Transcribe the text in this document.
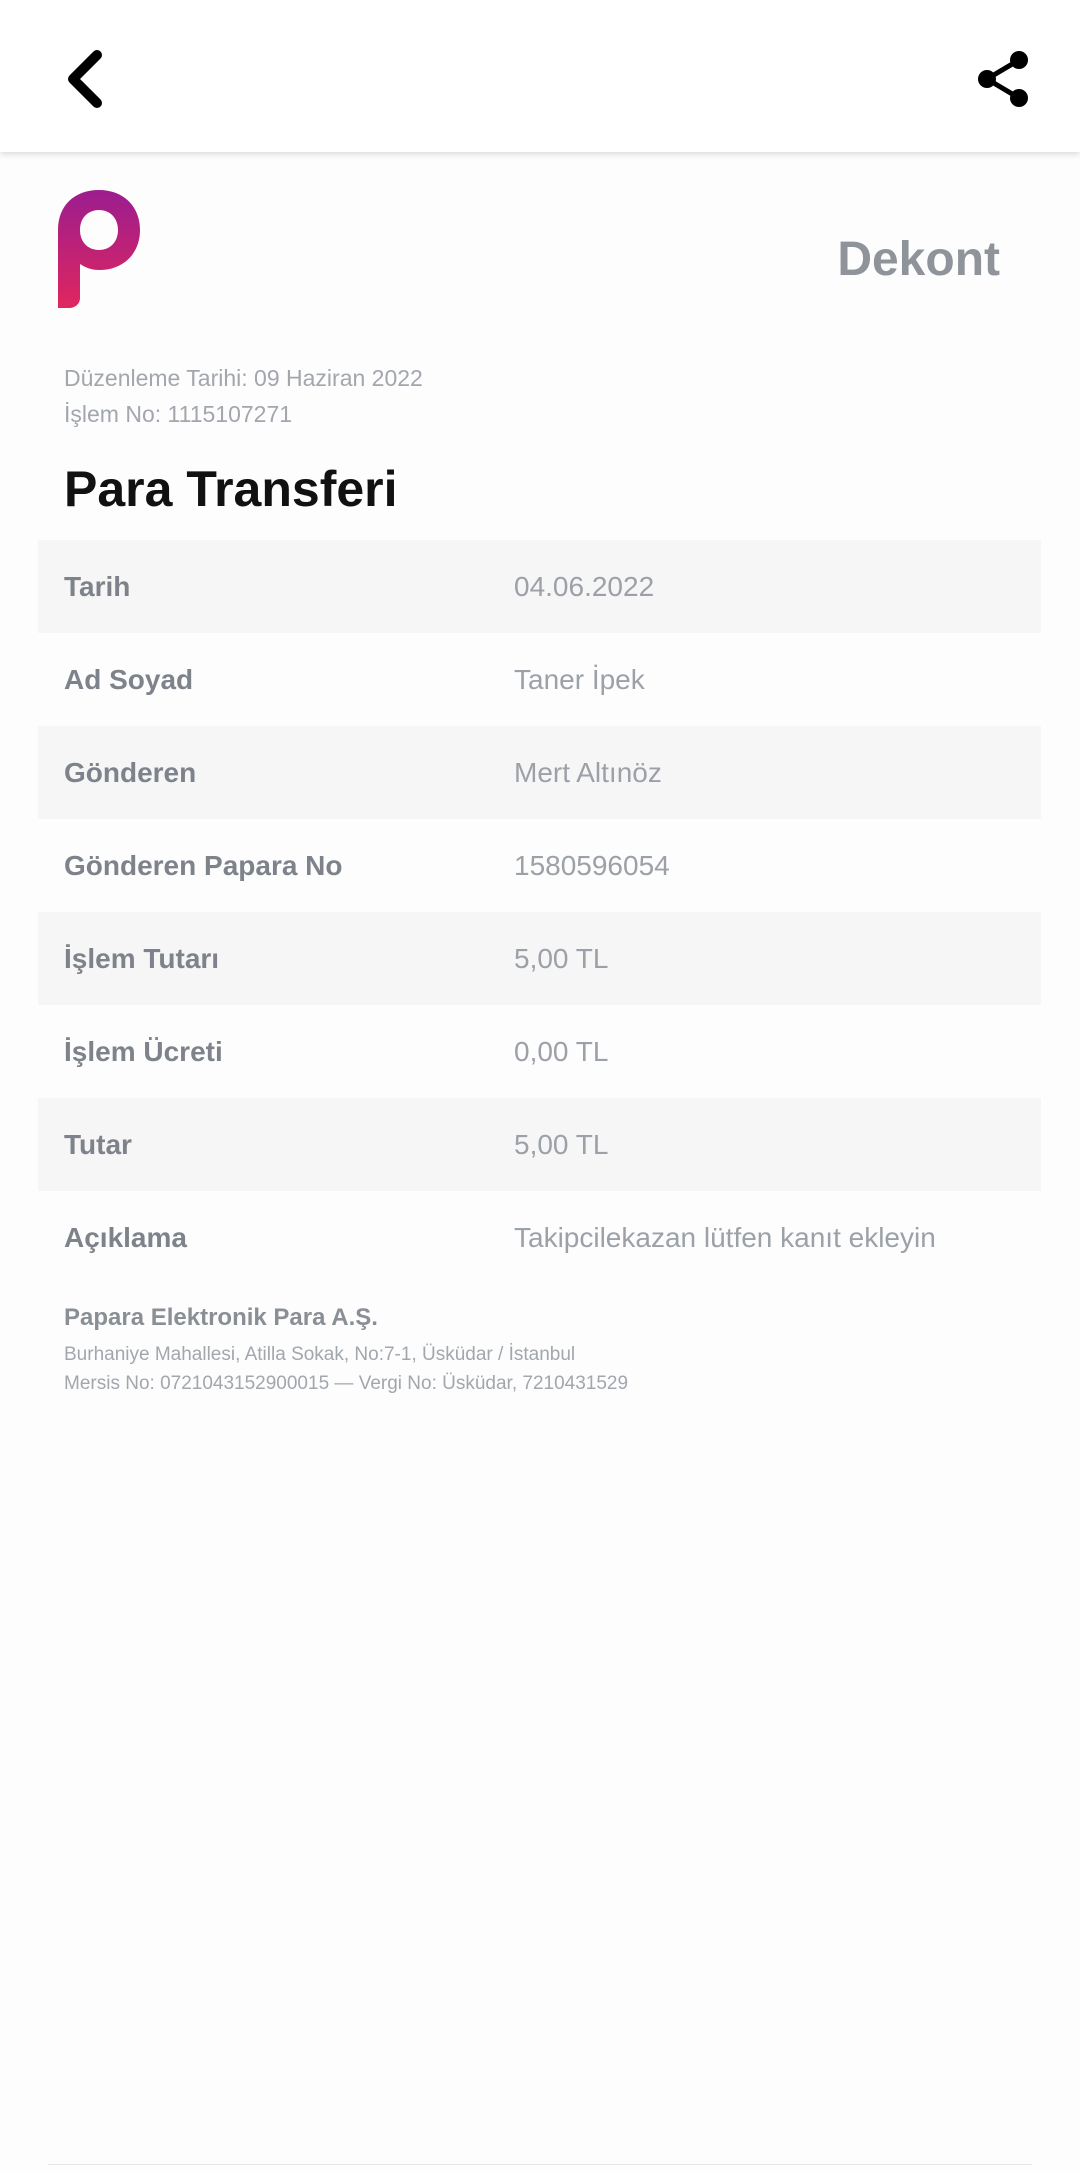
Dekont
Düzenleme Tarihi: 09 Haziran 2022
İşlem No: 1115107271
Para Transferi
Tarih	04.06.2022
Ad Soyad	Taner İpek
Gönderen	Mert Altınöz
Gönderen Papara No	1580596054
İşlem Tutarı	5,00 TL
İşlem Ücreti	0,00 TL
Tutar	5,00 TL
Açıklama	Takipcilekazan lütfen kanıt ekleyin
Papara Elektronik Para A.Ş.
Burhaniye Mahallesi, Atilla Sokak, No:7-1, Üsküdar / İstanbul
Mersis No: 0721043152900015 — Vergi No: Üsküdar, 7210431529
